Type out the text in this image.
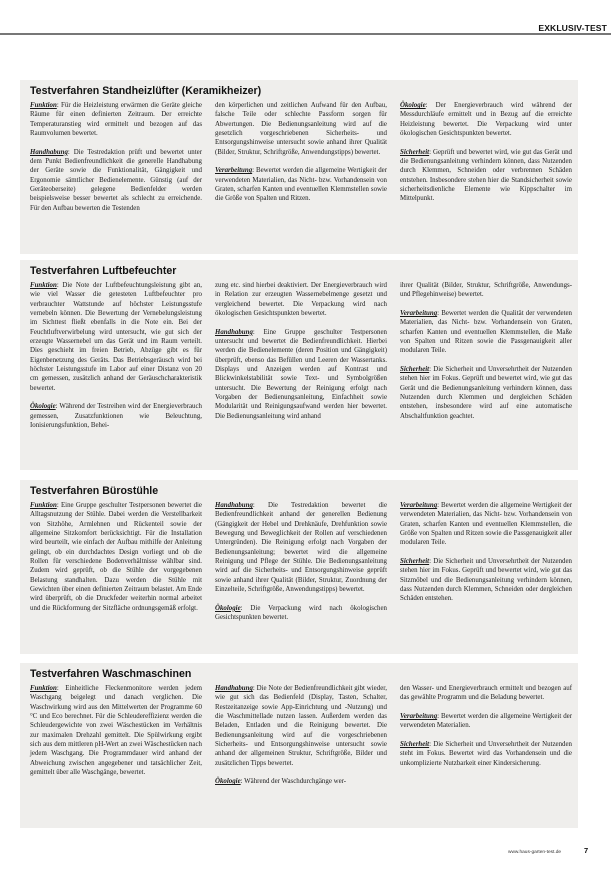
EXKLUSIV-TEST
Testverfahren Standheizlüfter (Keramikheizer)

Funktion: Für die Heizleistung erwärmen die Geräte gleiche Räume für einen definierten Zeitraum. Der erreichte Temperaturanstieg wird ermittelt und bezogen auf das Raumvolumen bewertet.

Handhabung: Die Testredaktion prüft und bewertet unter dem Punkt Bedienfreundlichkeit die generelle Handhabung der Geräte sowie die Funktionalität, Gängigkeit und Ergonomie sämtlicher Bedienelemente. Günstig (auf der Geräteoberseite) gelegene Bedienfelder werden beispielsweise besser bewertet als schlecht zu erreichende. Für den Aufbau bewerten die Testenden

den körperlichen und zeitlichen Aufwand für den Aufbau, falsche Teile oder schlechte Passform sorgen für Abwertungen. Die Bedienungsanleitung wird auf die gesetzlich vorgeschriebenen Sicherheits- und Entsorgungshinweise untersucht sowie anhand ihrer Qualität (Bilder, Struktur, Schriftgröße, Anwendungstipps) bewertet.

Verarbeitung: Bewertet werden die allgemeine Wertigkeit der verwendeten Materialien, das Nicht- bzw. Vorhandensein von Graten, scharfen Kanten und eventuellen Klemmstellen sowie die Größe von Spalten und Ritzen.

Ökologie: Der Energieverbrauch wird während der Messdurchläufe ermittelt und in Bezug auf die erreichte Heizleistung bewertet. Die Verpackung wird unter ökologischen Gesichtspunkten bewertet.

Sicherheit: Geprüft und bewertet wird, wie gut das Gerät und die Bedienungsanleitung verhindern können, dass Nutzenden durch Klemmen, Schneiden oder verbrennen Schäden entstehen. Insbesondere stehen hier die Standsicherheit sowie sicherheitsdienliche Elemente wie Kippschalter im Mittelpunkt.

Testverfahren Luftbefeuchter

Funktion: Die Note der Luftbefeuchtungsleistung gibt an, wie viel Wasser die getesteten Luftbefeuchter pro verbrauchter Wattstunde auf höchster Leistungsstufe vernebeln können. Die Bewertung der Vernebelungsleistung im Sichttest fließt ebenfalls in die Note ein. Bei der Feuchtluftverwirbelung wird untersucht, wie gut sich der erzeugte Wassernebel um das Gerät und im Raum verteilt. Dies geschieht im freien Betrieb, Abzüge gibt es für Eigenbenetzung des Geräts. Das Betriebsgeräusch wird bei höchster Leistungsstufe im Labor auf einer Distanz von 20 cm gemessen, zusätzlich anhand der Geräuschcharakteristik bewertet.

Ökologie: Während der Testreihen wird der Energieverbrauch gemessen, Zusatzfunktionen wie Beleuchtung, Ionisierungsfunktion, Behei-

zung etc. sind hierbei deaktiviert. Der Energieverbrauch wird in Relation zur erzeugten Wassernebelmenge gesetzt und vergleichend bewertet. Die Verpackung wird nach ökologischen Gesichtspunkten bewertet.

Handhabung: Eine Gruppe geschulter Testpersonen untersucht und bewertet die Bedienfreundlichkeit. Hierbei werden die Bedienelemente (deren Position und Gängigkeit) überprüft, ebenso das Befüllen und Leeren der Wassertanks. Displays und Anzeigen werden auf Kontrast und Blickwinkelstabilität sowie Text- und Symbolgrößen untersucht. Die Bewertung der Reinigung erfolgt nach Vorgaben der Bedienungsanleitung, Einfachheit sowie Modularität und Reinigungsaufwand werden hier bewertet. Die Bedienungsanleitung wird anhand

ihrer Qualität (Bilder, Struktur, Schriftgröße, Anwendungs- und Pflegehinweise) bewertet.

Verarbeitung: Bewertet werden die Qualität der verwendeten Materialien, das Nicht- bzw. Vorhandensein von Graten, scharfen Kanten und eventuellen Klemmstellen, die Maße von Spalten und Ritzen sowie die Passgenauigkeit aller modularen Teile.

Sicherheit: Die Sicherheit und Unversehrtheit der Nutzenden stehen hier im Fokus. Geprüft und bewertet wird, wie gut das Gerät und die Bedienungsanleitung verhindern können, dass Nutzenden durch Klemmen und dergleichen Schäden entstehen, insbesondere wird auf eine automatische Abschaltfunktion geachtet.

Testverfahren Bürostühle

Funktion: Eine Gruppe geschulter Testpersonen bewertet die Alltagsnutzung der Stühle. Dabei werden die Verstellbarkeit von Sitzhöhe, Armlehnen und Rückenteil sowie der allgemeine Sitzkomfort berücksichtigt. Für die Installation wird beurteilt, wie einfach der Aufbau mithilfe der Anleitung gelingt, ob ein durchdachtes Design vorliegt und ob die Rollen für verschiedene Bodenverhältnisse wählbar sind. Zudem wird geprüft, ob die Stühle der vorgegebenen Belastung standhalten. Dazu werden die Stühle mit Gewichten über einen definierten Zeitraum belastet. Am Ende wird überprüft, ob die Druckfeder weiterhin normal arbeitet und die Rückformung der Sitzfläche ordnungsgemäß erfolgt.

Handhabung: Die Testredaktion bewertet die Bedienfreundlichkeit anhand der generellen Bedienung (Gängigkeit der Hebel und Drehknäufe, Drehfunktion sowie Bewegung und Beweglichkeit der Rollen auf verschiedenen Untergründen). Die Reinigung erfolgt nach Vorgaben der Bedienungsanleitung; bewertet wird die allgemeine Reinigung und Pflege der Stühle. Die Bedienungsanleitung wird auf die Sicherheits- und Entsorgungshinweise geprüft sowie anhand ihrer Qualität (Bilder, Struktur, Zuordnung der Einzelteile, Schriftgröße, Anwendungstipps) bewertet.

Ökologie: Die Verpackung wird nach ökologischen Gesichtspunkten bewertet.

Verarbeitung: Bewertet werden die allgemeine Wertigkeit der verwendeten Materialien, das Nicht- bzw. Vorhandensein von Graten, scharfen Kanten und eventuellen Klemmstellen, die Größe von Spalten und Ritzen sowie die Passgenauigkeit aller modularen Teile.

Sicherheit: Die Sicherheit und Unversehrtheit der Nutzenden stehen hier im Fokus. Geprüft und bewertet wird, wie gut das Sitzmöbel und die Bedienungsanleitung verhindern können, dass Nutzenden durch Klemmen, Schneiden oder dergleichen Schäden entstehen.

Testverfahren Waschmaschinen

Funktion: Einheitliche Fleckenmonitore werden jedem Waschgang beigelegt und danach verglichen. Die Waschwirkung wird aus den Mittelwerten der Programme 60 °C und Eco berechnet. Für die Schleudereffizienz werden die Schleudergewichte von zwei Wäschestücken im Verhältnis zur maximalen Drehzahl gemittelt. Die Spülwirkung ergibt sich aus dem mittleren pH-Wert an zwei Wäschestücken nach jedem Waschgang. Die Programmdauer wird anhand der Abweichung zwischen angegebener und tatsächlicher Zeit, gemittelt über alle Waschgänge, bewertet.

Handhabung: Die Note der Bedienfreundlichkeit gibt wieder, wie gut sich das Bedienfeld (Display, Tasten, Schalter, Restzeitanzeige sowie App-Einrichtung und -Nutzung) und die Waschmittellade nutzen lassen. Außerdem werden das Beladen, Entladen und die Reinigung bewertet. Die Bedienungsanleitung wird auf die vorgeschriebenen Sicherheits- und Entsorgungshinweise untersucht sowie anhand der allgemeinen Struktur, Schriftgröße, Bilder und zusätzlichen Tipps bewertet.

Ökologie: Während der Waschdurchgänge wer-

den Wasser- und Energieverbrauch ermittelt und bezogen auf das gewählte Programm und die Beladung bewertet.

Verarbeitung: Bewertet werden die allgemeine Wertigkeit der verwendeten Materialien.

Sicherheit: Die Sicherheit und Unversehrtheit der Nutzenden steht im Fokus. Bewertet wird das Vorhandensein und die unkomplizierte Nutzbarkeit einer Kindersicherung.

www.haus-garten-test.de	7
